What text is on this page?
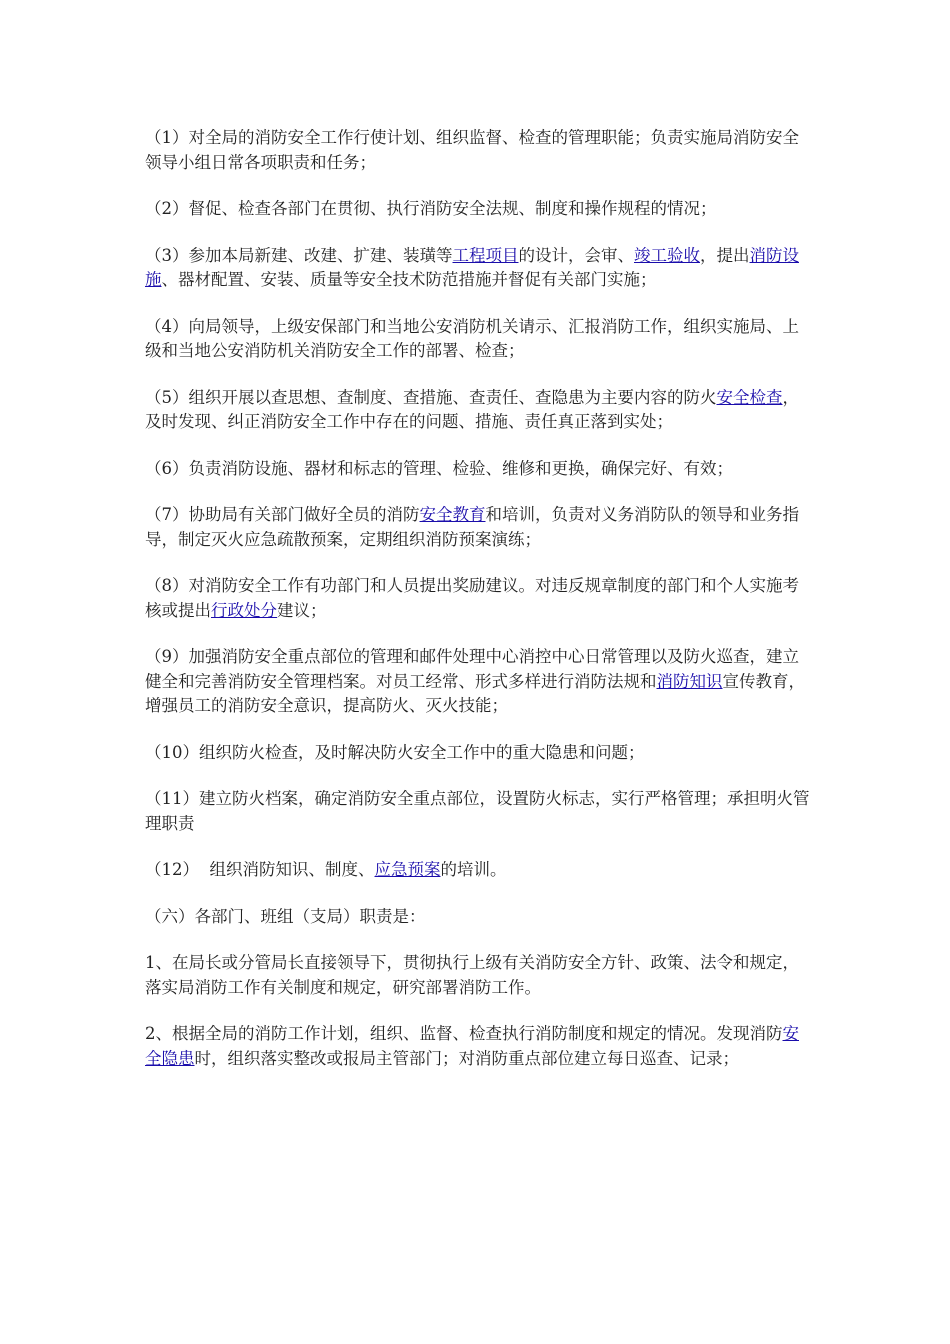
（1）对全局的消防安全工作行使计划、组织监督、检查的管理职能；负责实施局消防安全领导小组日常各项职责和任务；

（2）督促、检查各部门在贯彻、执行消防安全法规、制度和操作规程的情况；

（3）参加本局新建、改建、扩建、装璜等工程项目的设计，会审、竣工验收，提出消防设施、器材配置、安装、质量等安全技术防范措施并督促有关部门实施；

（4）向局领导，上级安保部门和当地公安消防机关请示、汇报消防工作，组织实施局、上级和当地公安消防机关消防安全工作的部署、检查；

（5）组织开展以查思想、查制度、查措施、查责任、查隐患为主要内容的防火安全检查，及时发现、纠正消防安全工作中存在的问题、措施、责任真正落到实处；

（6）负责消防设施、器材和标志的管理、检验、维修和更换，确保完好、有效；

（7）协助局有关部门做好全员的消防安全教育和培训，负责对义务消防队的领导和业务指导，制定灭火应急疏散预案，定期组织消防预案演练；

（8）对消防安全工作有功部门和人员提出奖励建议。对违反规章制度的部门和个人实施考核或提出行政处分建议；

（9）加强消防安全重点部位的管理和邮件处理中心消控中心日常管理以及防火巡查，建立健全和完善消防安全管理档案。对员工经常、形式多样进行消防法规和消防知识宣传教育，增强员工的消防安全意识，提高防火、灭火技能；

（10）组织防火检查，及时解决防火安全工作中的重大隐患和问题；

（11）建立防火档案，确定消防安全重点部位，设置防火标志，实行严格管理；承担明火管理职责

（12）  组织消防知识、制度、应急预案的培训。

（六）各部门、班组（支局）职责是：

1、在局长或分管局长直接领导下，贯彻执行上级有关消防安全方针、政策、法令和规定，落实局消防工作有关制度和规定，研究部署消防工作。

2、根据全局的消防工作计划，组织、监督、检查执行消防制度和规定的情况。发现消防安全隐患时，组织落实整改或报局主管部门；对消防重点部位建立每日巡查、记录；
